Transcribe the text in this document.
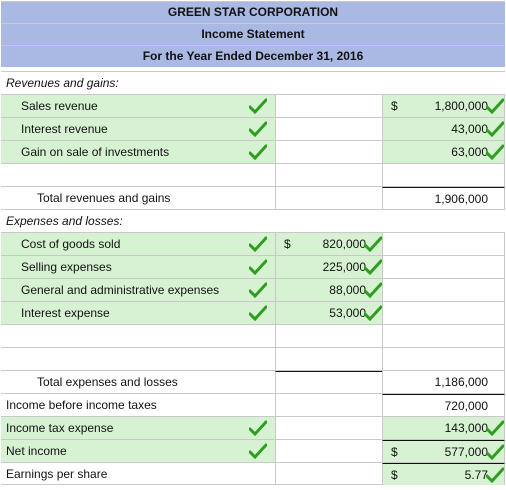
GREEN STAR CORPORATION
Income Statement
For the Year Ended December 31, 2016
Revenues and gains:
Sales revenue	$	1,800,000
Interest revenue	43,000
Gain on sale of investments	63,000
Total revenues and gains	1,906,000
Expenses and losses:
Cost of goods sold	$	820,000
Selling expenses	225,000
General and administrative expenses	88,000
Interest expense	53,000
Total expenses and losses	1,186,000
Income before income taxes	720,000
Income tax expense	143,000
Net income	$	577,000
Earnings per share	$	5.77
